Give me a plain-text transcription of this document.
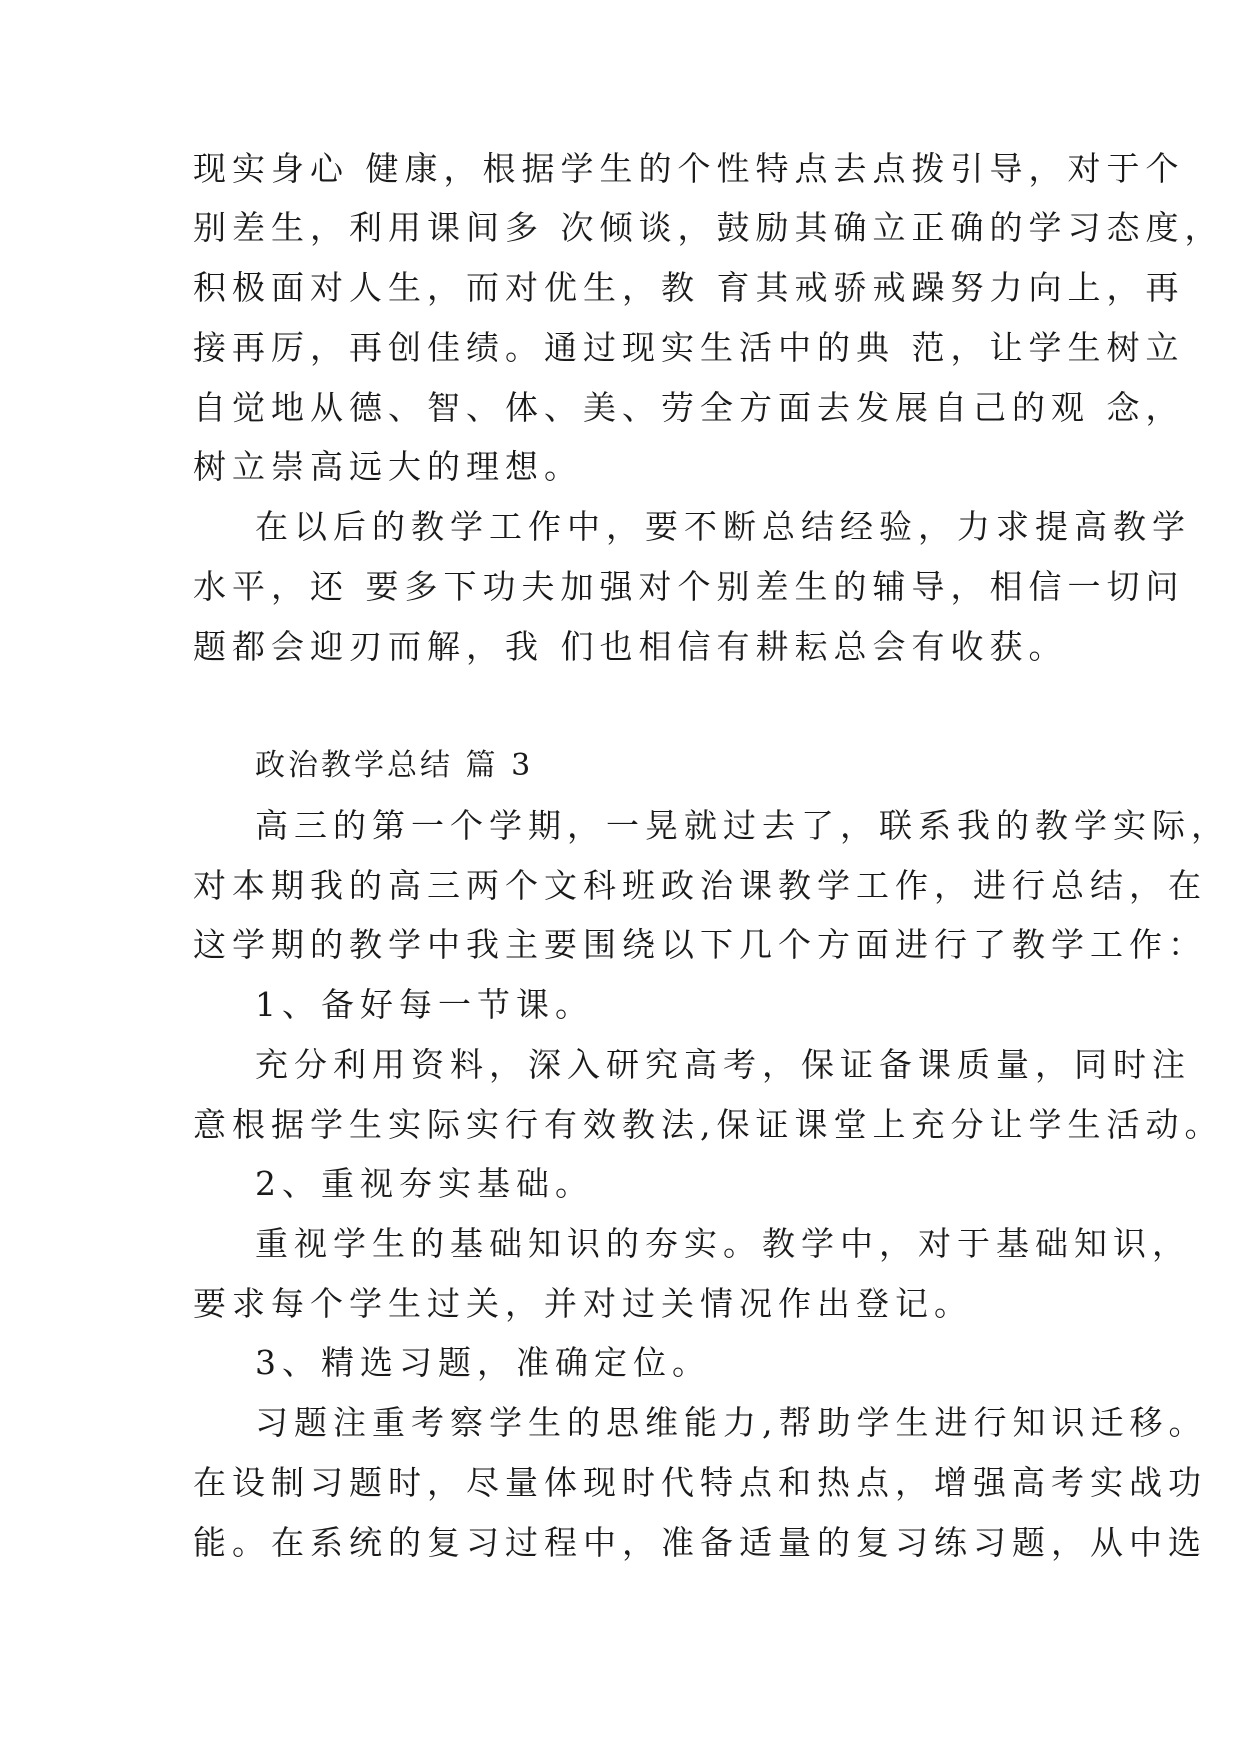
现实身心 健康，根据学生的个性特点去点拨引导，对于个
别差生，利用课间多 次倾谈，鼓励其确立正确的学习态度，
积极面对人生，而对优生，教 育其戒骄戒躁努力向上，再
接再厉，再创佳绩。通过现实生活中的典 范，让学生树立
自觉地从德、智、体、美、劳全方面去发展自己的观 念，
树立崇高远大的理想。
在以后的教学工作中，要不断总结经验，力求提高教学
水平，还 要多下功夫加强对个别差生的辅导，相信一切问
题都会迎刃而解，我 们也相信有耕耘总会有收获。
政治教学总结 篇 3
高三的第一个学期，一晃就过去了，联系我的教学实际，
对本期我的高三两个文科班政治课教学工作，进行总结，在
这学期的教学中我主要围绕以下几个方面进行了教学工作：
1、备好每一节课。
充分利用资料，深入研究高考，保证备课质量，同时注
意根据学生实际实行有效教法,保证课堂上充分让学生活动。
2、重视夯实基础。
重视学生的基础知识的夯实。教学中，对于基础知识，
要求每个学生过关，并对过关情况作出登记。
3、精选习题，准确定位。
习题注重考察学生的思维能力,帮助学生进行知识迁移。
在设制习题时，尽量体现时代特点和热点，增强高考实战功
能。在系统的复习过程中，准备适量的复习练习题，从中选
